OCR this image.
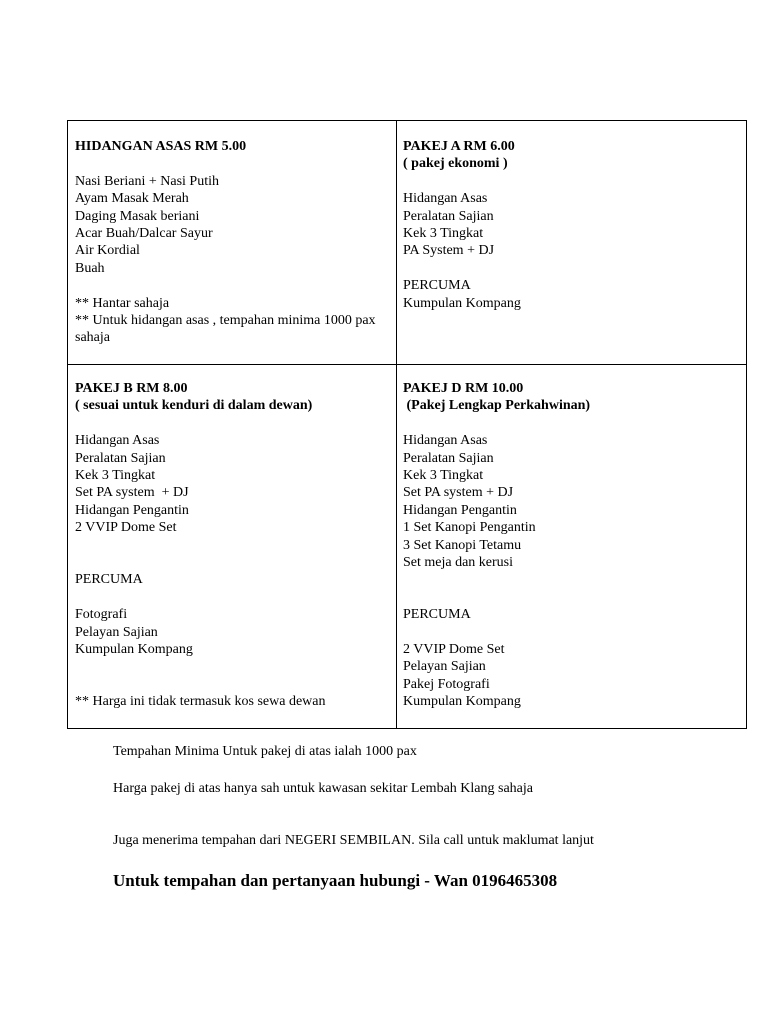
HIDANGAN ASAS RM 5.00
Nasi Beriani + Nasi Putih
Ayam Masak Merah
Daging Masak beriani
Acar Buah/Dalcar Sayur
Air Kordial
Buah
** Hantar sahaja
** Untuk hidangan asas , tempahan minima 1000 pax sahaja
PAKEJ A RM 6.00
( pakej ekonomi )
Hidangan Asas
Peralatan Sajian
Kek 3 Tingkat
PA System + DJ
PERCUMA
Kumpulan Kompang
PAKEJ B RM 8.00
( sesuai untuk kenduri di dalam dewan)
Hidangan Asas
Peralatan Sajian
Kek 3 Tingkat
Set PA system  + DJ
Hidangan Pengantin
2 VVIP Dome Set
PERCUMA
Fotografi
Pelayan Sajian
Kumpulan Kompang
** Harga ini tidak termasuk kos sewa dewan
PAKEJ D RM 10.00
(Pakej Lengkap Perkahwinan)
Hidangan Asas
Peralatan Sajian
Kek 3 Tingkat
Set PA system + DJ
Hidangan Pengantin
1 Set Kanopi Pengantin
3 Set Kanopi Tetamu
Set meja dan kerusi
PERCUMA
2 VVIP Dome Set
Pelayan Sajian
Pakej Fotografi
Kumpulan Kompang
Tempahan Minima Untuk pakej di atas ialah 1000 pax
Harga pakej di atas hanya sah untuk kawasan sekitar Lembah Klang sahaja
Juga menerima tempahan dari NEGERI SEMBILAN. Sila call untuk maklumat lanjut
Untuk tempahan dan pertanyaan hubungi - Wan 0196465308
